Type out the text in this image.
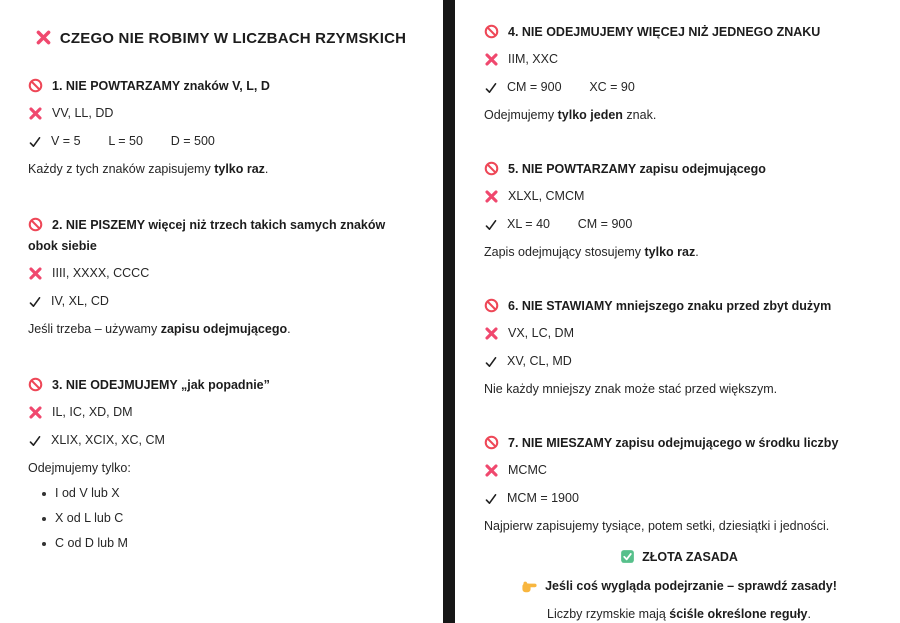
CZEGO NIE ROBIMY W LICZBACH RZYMSKICH
1. NIE POWTARZAMY znaków V, L, D
VV, LL, DD
V = 5        L = 50        D = 500

Każdy z tych znaków zapisujemy tylko raz.

2. NIE PISZEMY więcej niż trzech takich samych znaków obok siebie
IIII, XXXX, CCCC
IV, XL, CD

Jeśli trzeba – używamy zapisu odejmującego.

3. NIE ODEJMUJEMY „jak popadnie”
IL, IC, XD, DM
XLIX, XCIX, XC, CM

Odejmujemy tylko:

I od V lub X
X od L lub C
C od D lub M
4. NIE ODEJMUJEMY WIĘCEJ NIŻ JEDNEGO ZNAKU
IIM, XXC
CM = 900        XC = 90

Odejmujemy tylko jeden znak.

5. NIE POWTARZAMY zapisu odejmującego
XLXL, CMCM
XL = 40        CM = 900

Zapis odejmujący stosujemy tylko raz.

6. NIE STAWIAMY mniejszego znaku przed zbyt dużym
VX, LC, DM
XV, CL, MD

Nie każdy mniejszy znak może stać przed większym.

7. NIE MIESZAMY zapisu odejmującego w środku liczby
MCMC
MCM = 1900

Najpierw zapisujemy tysiące, potem setki, dziesiątki i jedności.

ZŁOTA ZASADA
Jeśli coś wygląda podejrzanie – sprawdź zasady!

Liczby rzymskie mają ściśle określone reguły.
